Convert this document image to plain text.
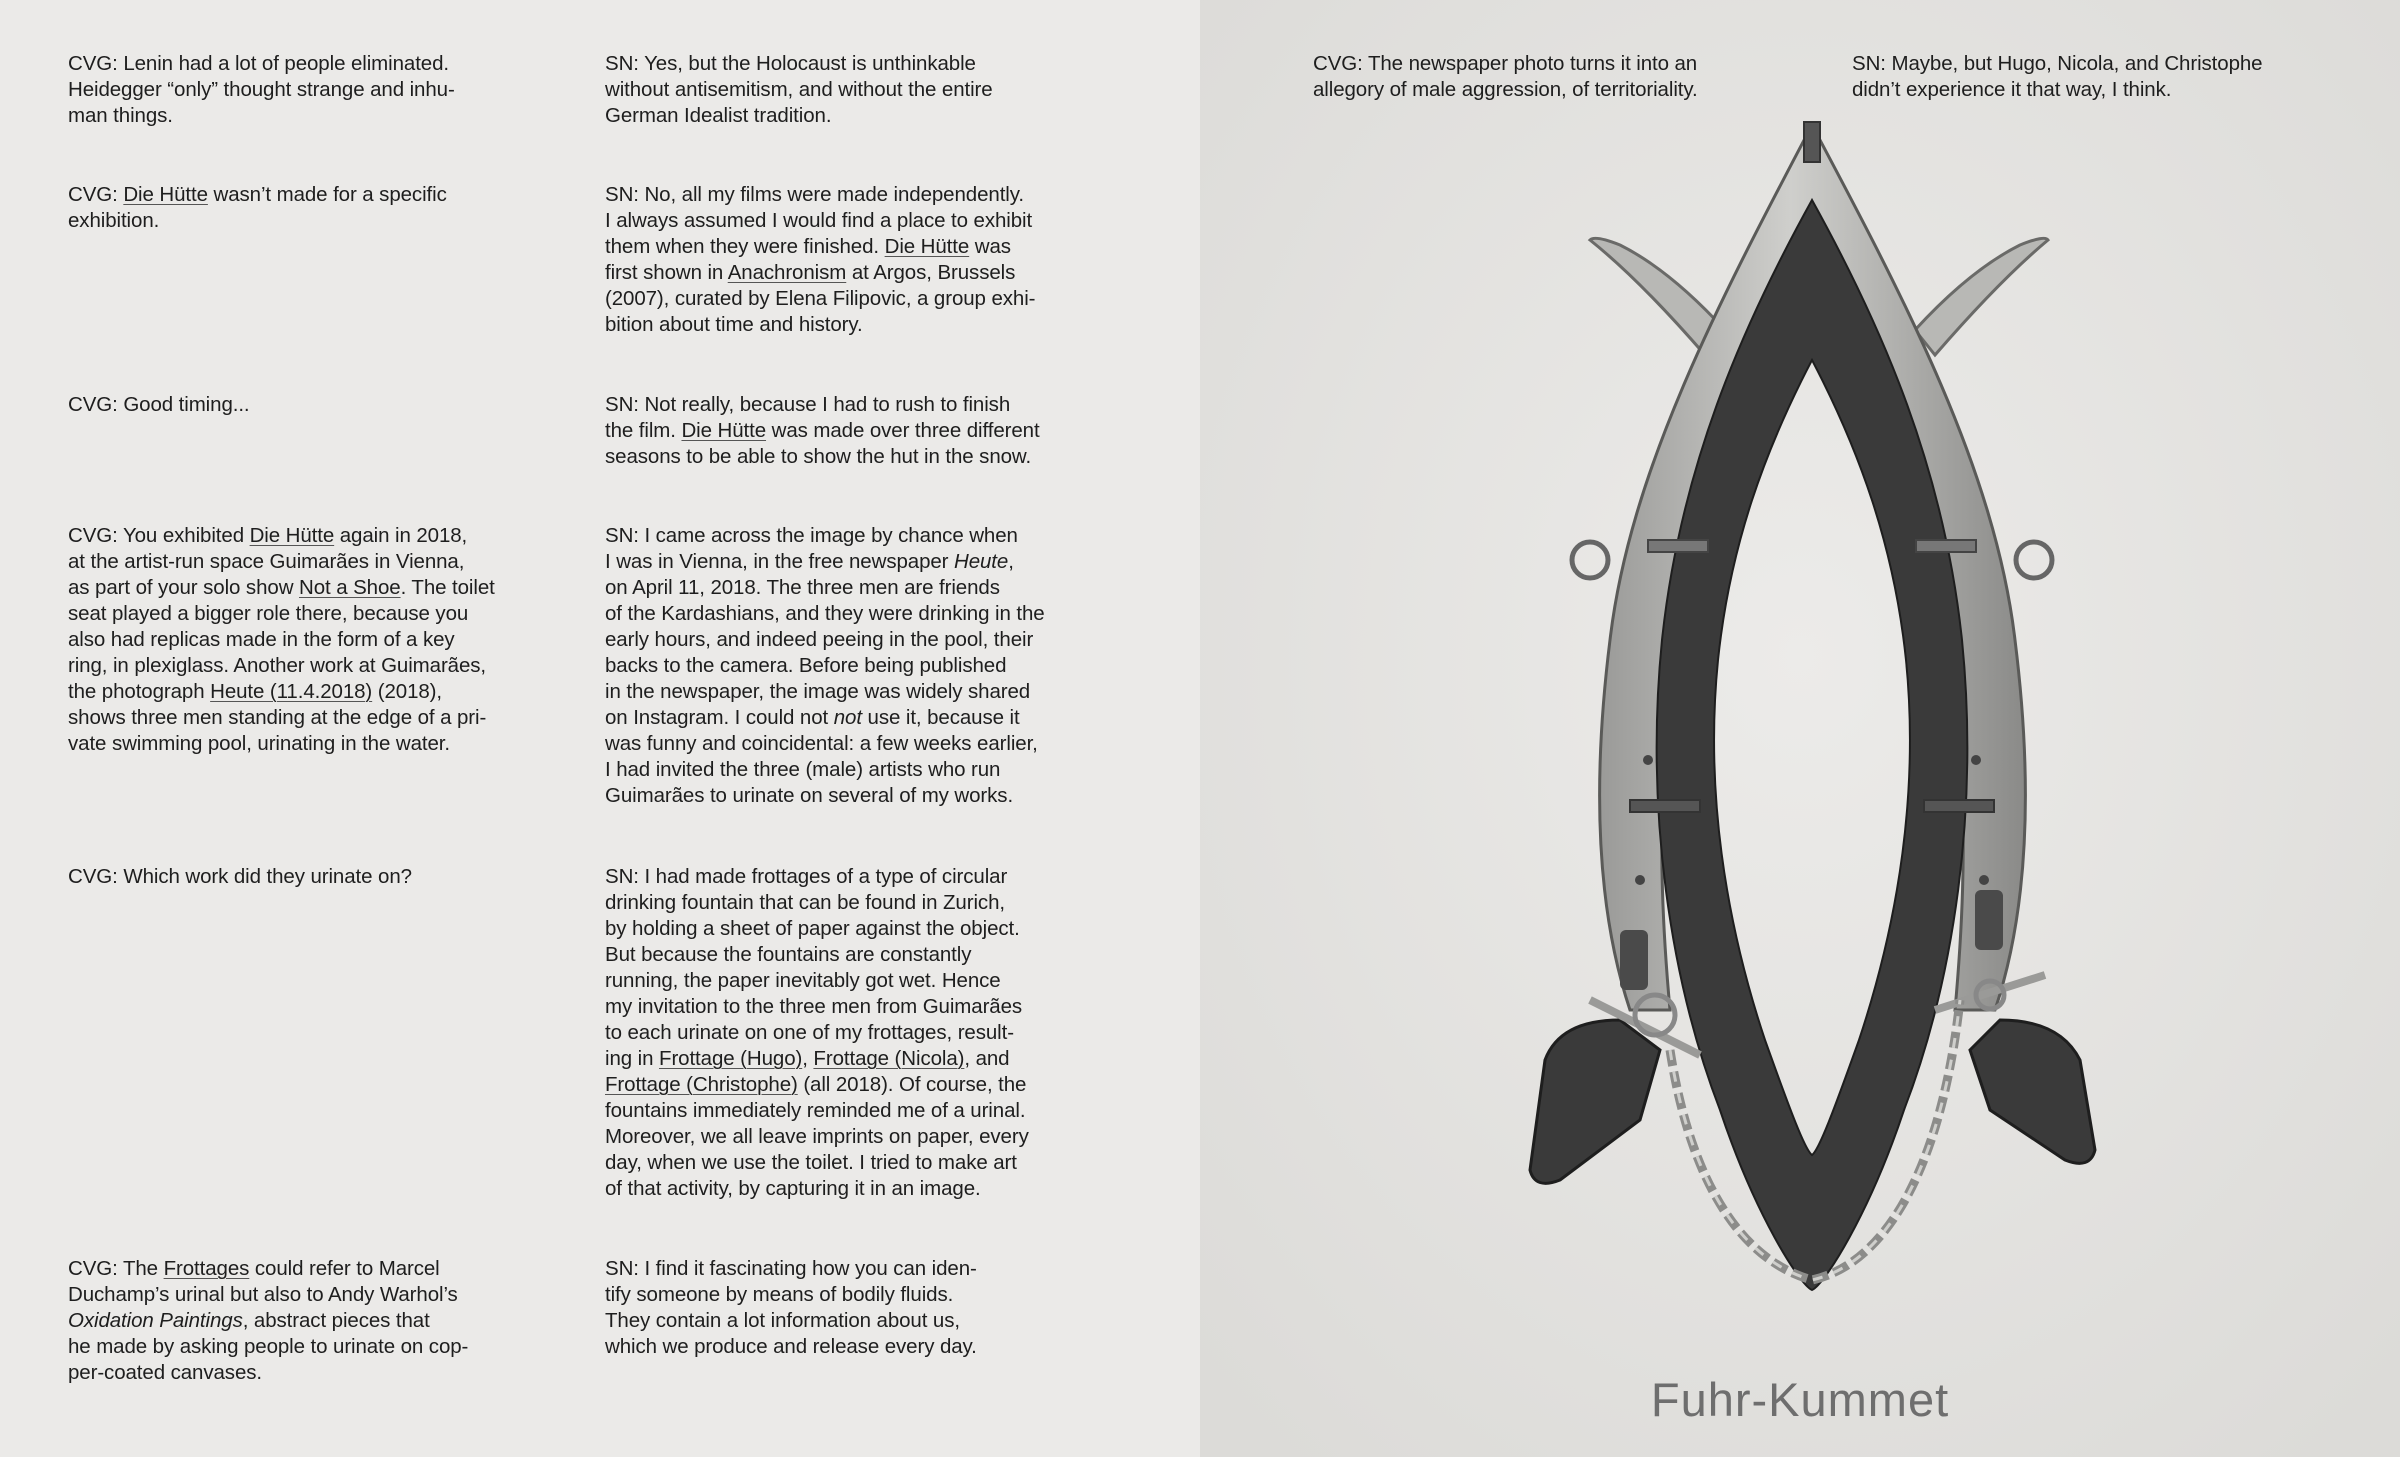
CVG: Lenin had a lot of people eliminated.
Heidegger “only” thought strange and inhu-
man things.

SN: Yes, but the Holocaust is unthinkable
without antisemitism, and without the entire
German Idealist tradition.

CVG: Die Hütte wasn’t made for a specific
exhibition.

SN: No, all my films were made independently.
I always assumed I would find a place to exhibit
them when they were finished. Die Hütte was
first shown in Anachronism at Argos, Brussels
(2007), curated by Elena Filipovic, a group exhi-
bition about time and history.

CVG: Good timing...	SN: Not really, because I had to rush to finish
the film. Die Hütte was made over three different
seasons to be able to show the hut in the snow.

CVG: You exhibited Die Hütte again in 2018,
at the artist-run space Guimarães in Vienna,
as part of your solo show Not a Shoe. The toilet
seat played a bigger role there, because you
also had replicas made in the form of a key
ring, in plexiglass. Another work at Guimarães,
the photograph Heute (11.4.2018) (2018),
shows three men standing at the edge of a pri-
vate swimming pool, urinating in the water.

SN: I came across the image by chance when
I was in Vienna, in the free newspaper Heute,
on April 11, 2018. The three men are friends
of the Kardashians, and they were drinking in the
early hours, and indeed peeing in the pool, their
backs to the camera. Before being published
in the newspaper, the image was widely shared
on Instagram. I could not not use it, because it
was funny and coincidental: a few weeks earlier,
I had invited the three (male) artists who run
Guimarães to urinate on several of my works.

CVG: Which work did they urinate on?	SN: I had made frottages of a type of circular
drinking fountain that can be found in Zurich,
by holding a sheet of paper against the object.
But because the fountains are constantly
running, the paper inevitably got wet. Hence
my invitation to the three men from Guimarães
to each urinate on one of my frottages, result-
ing in Frottage (Hugo), Frottage (Nicola), and
Frottage (Christophe) (all 2018). Of course, the
fountains immediately reminded me of a urinal.
Moreover, we all leave imprints on paper, every
day, when we use the toilet. I tried to make art
of that activity, by capturing it in an image.

CVG: The Frottages could refer to Marcel
Duchamp’s urinal but also to Andy Warhol’s
Oxidation Paintings, abstract pieces that
he made by asking people to urinate on cop-
per-coated canvases.

SN: I find it fascinating how you can iden-
tify someone by means of bodily fluids.
They contain a lot information about us,
which we produce and release every day.

CVG: The newspaper photo turns it into an
allegory of male aggression, of territoriality.

SN: Maybe, but Hugo, Nicola, and Christophe
didn’t experience it that way, I think.

Fuhr-Kummet
